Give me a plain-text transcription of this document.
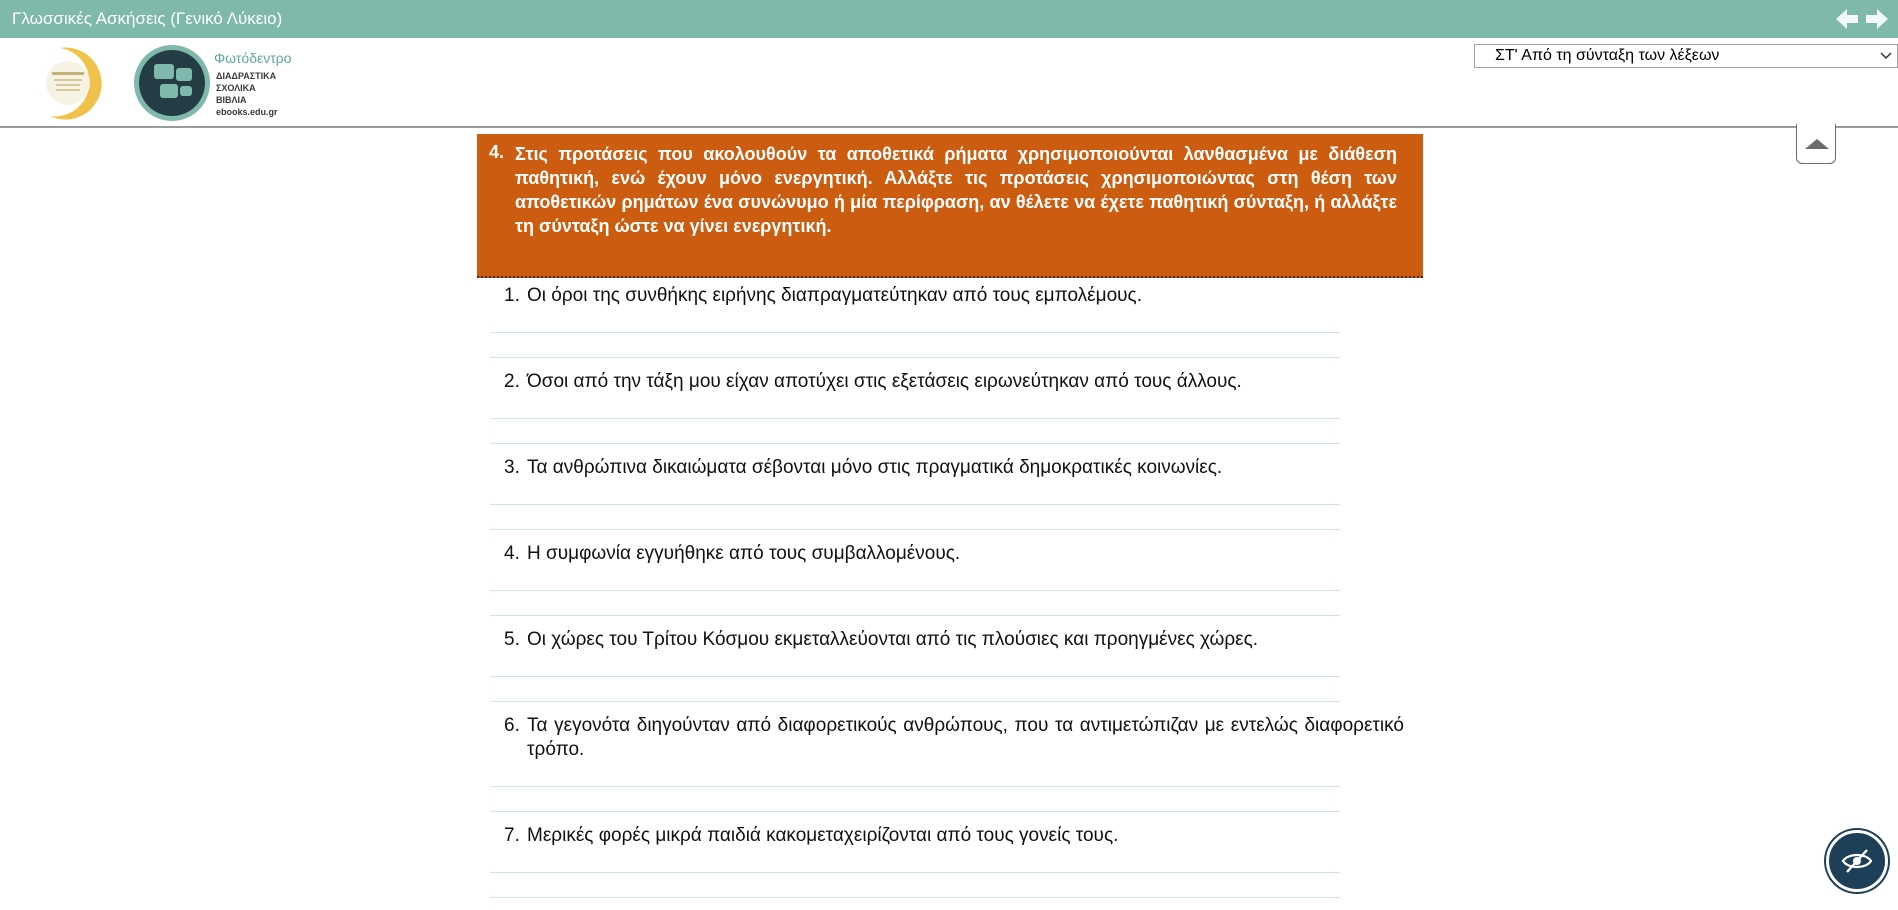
Γλωσσικές Ασκήσεις (Γενικό Λύκειο)
Φωτόδεντρο
ΔΙΑΔΡΑΣΤΙΚΑ
ΣΧΟΛΙΚΑ
ΒΙΒΛΙΑ
ebooks.edu.gr
ΣΤ' Από τη σύνταξη των λέξεων
4. Στις προτάσεις που ακολουθούν τα αποθετικά ρήματα χρησιμοποιούνται λανθασμένα με διάθεση παθητική, ενώ έχουν μόνο ενεργητική. Αλλάξτε τις προτάσεις χρησιμοποιώντας στη θέση των αποθετικών ρημάτων ένα συνώνυμο ή μία περίφραση, αν θέλετε να έχετε παθητική σύνταξη, ή αλλάξτε τη σύνταξη ώστε να γίνει ενεργητική.
1. Οι όροι της συνθήκης ειρήνης διαπραγματεύτηκαν από τους εμπολέμους.
2. Όσοι από την τάξη μου είχαν αποτύχει στις εξετάσεις ειρωνεύτηκαν από τους άλλους.
3. Τα ανθρώπινα δικαιώματα σέβονται μόνο στις πραγματικά δημοκρατικές κοινωνίες.
4. Η συμφωνία εγγυήθηκε από τους συμβαλλομένους.
5. Οι χώρες του Τρίτου Κόσμου εκμεταλλεύονται από τις πλούσιες και προηγμένες χώρες.
6. Τα γεγονότα διηγούνταν από διαφορετικούς ανθρώπους, που τα αντιμετώπιζαν με εντελώς διαφορετικό τρόπο.
7. Μερικές φορές μικρά παιδιά κακομεταχειρίζονται από τους γονείς τους.
